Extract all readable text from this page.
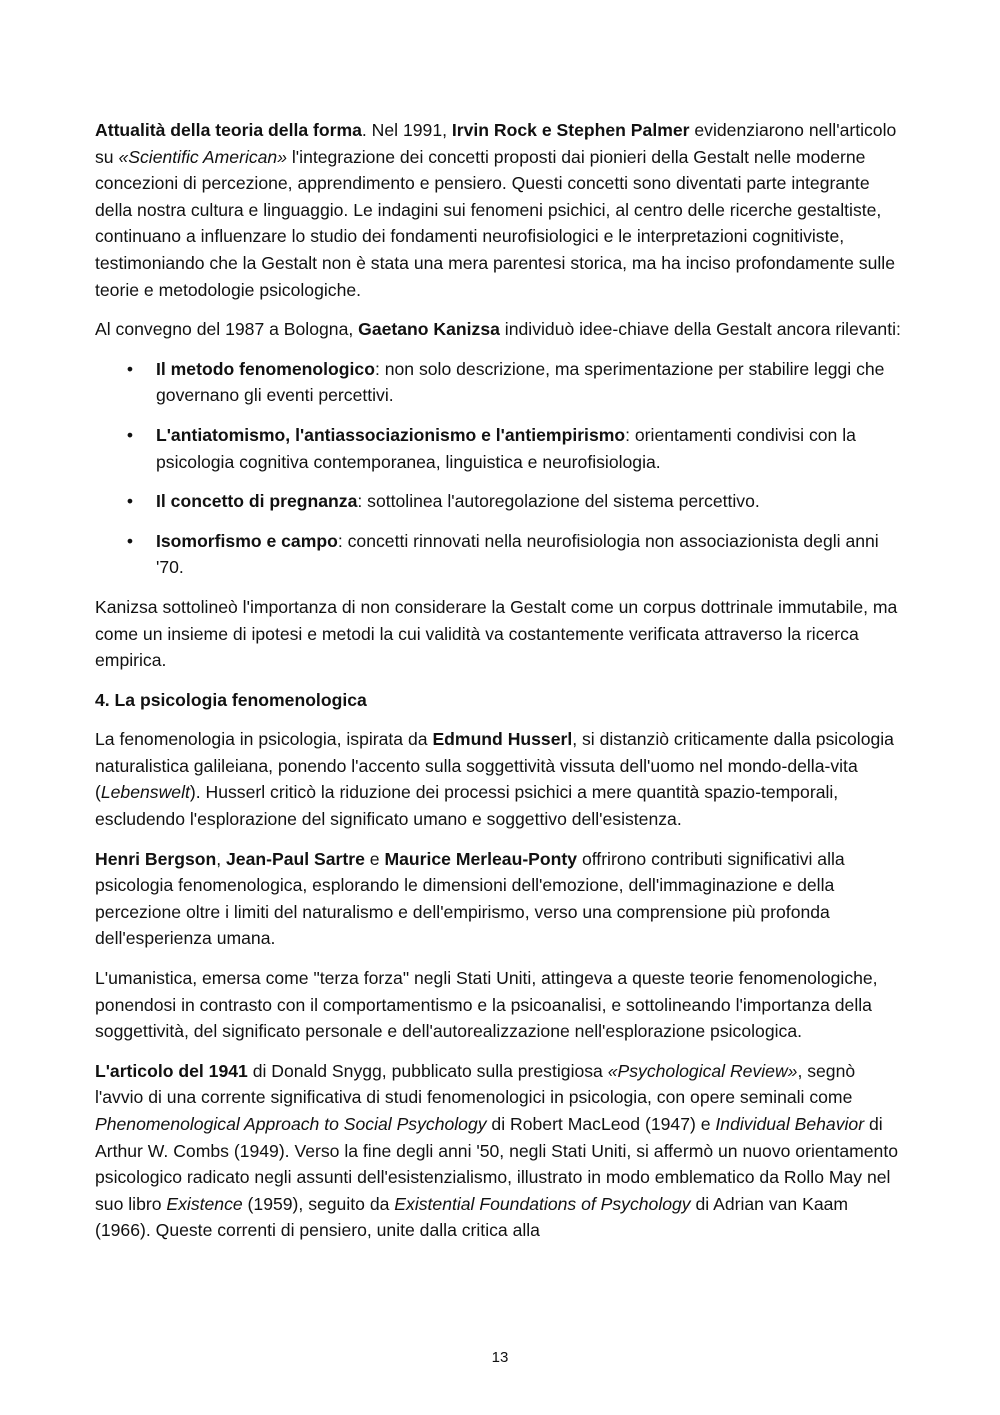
Attualità della teoria della forma. Nel 1991, Irvin Rock e Stephen Palmer evidenziarono nell'articolo su «Scientific American» l'integrazione dei concetti proposti dai pionieri della Gestalt nelle moderne concezioni di percezione, apprendimento e pensiero. Questi concetti sono diventati parte integrante della nostra cultura e linguaggio. Le indagini sui fenomeni psichici, al centro delle ricerche gestaltiste, continuano a influenzare lo studio dei fondamenti neurofisiologici e le interpretazioni cognitiviste, testimoniando che la Gestalt non è stata una mera parentesi storica, ma ha inciso profondamente sulle teorie e metodologie psicologiche.

Al convegno del 1987 a Bologna, Gaetano Kanizsa individuò idee-chiave della Gestalt ancora rilevanti:

• Il metodo fenomenologico: non solo descrizione, ma sperimentazione per stabilire leggi che governano gli eventi percettivi.
• L'antiatomismo, l'antiassociazionismo e l'antiempirismo: orientamenti condivisi con la psicologia cognitiva contemporanea, linguistica e neurofisiologia.
• Il concetto di pregnanza: sottolinea l'autoregolazione del sistema percettivo.
• Isomorfismo e campo: concetti rinnovati nella neurofisiologia non associazionista degli anni '70.

Kanizsa sottolineò l'importanza di non considerare la Gestalt come un corpus dottrinale immutabile, ma come un insieme di ipotesi e metodi la cui validità va costantemente verificata attraverso la ricerca empirica.

4. La psicologia fenomenologica

La fenomenologia in psicologia, ispirata da Edmund Husserl, si distanziò criticamente dalla psicologia naturalistica galileiana, ponendo l'accento sulla soggettività vissuta dell'uomo nel mondo-della-vita (Lebenswelt). Husserl criticò la riduzione dei processi psichici a mere quantità spazio-temporali, escludendo l'esplorazione del significato umano e soggettivo dell'esistenza.

Henri Bergson, Jean-Paul Sartre e Maurice Merleau-Ponty offrirono contributi significativi alla psicologia fenomenologica, esplorando le dimensioni dell'emozione, dell'immaginazione e della percezione oltre i limiti del naturalismo e dell'empirismo, verso una comprensione più profonda dell'esperienza umana.

L'umanistica, emersa come "terza forza" negli Stati Uniti, attingeva a queste teorie fenomenologiche, ponendosi in contrasto con il comportamentismo e la psicoanalisi, e sottolineando l'importanza della soggettività, del significato personale e dell'autorealizzazione nell'esplorazione psicologica.

L'articolo del 1941 di Donald Snygg, pubblicato sulla prestigiosa «Psychological Review», segnò l'avvio di una corrente significativa di studi fenomenologici in psicologia, con opere seminali come Phenomenological Approach to Social Psychology di Robert MacLeod (1947) e Individual Behavior di Arthur W. Combs (1949). Verso la fine degli anni '50, negli Stati Uniti, si affermò un nuovo orientamento psicologico radicato negli assunti dell'esistenzialismo, illustrato in modo emblematico da Rollo May nel suo libro Existence (1959), seguito da Existential Foundations of Psychology di Adrian van Kaam (1966). Queste correnti di pensiero, unite dalla critica alla

13
